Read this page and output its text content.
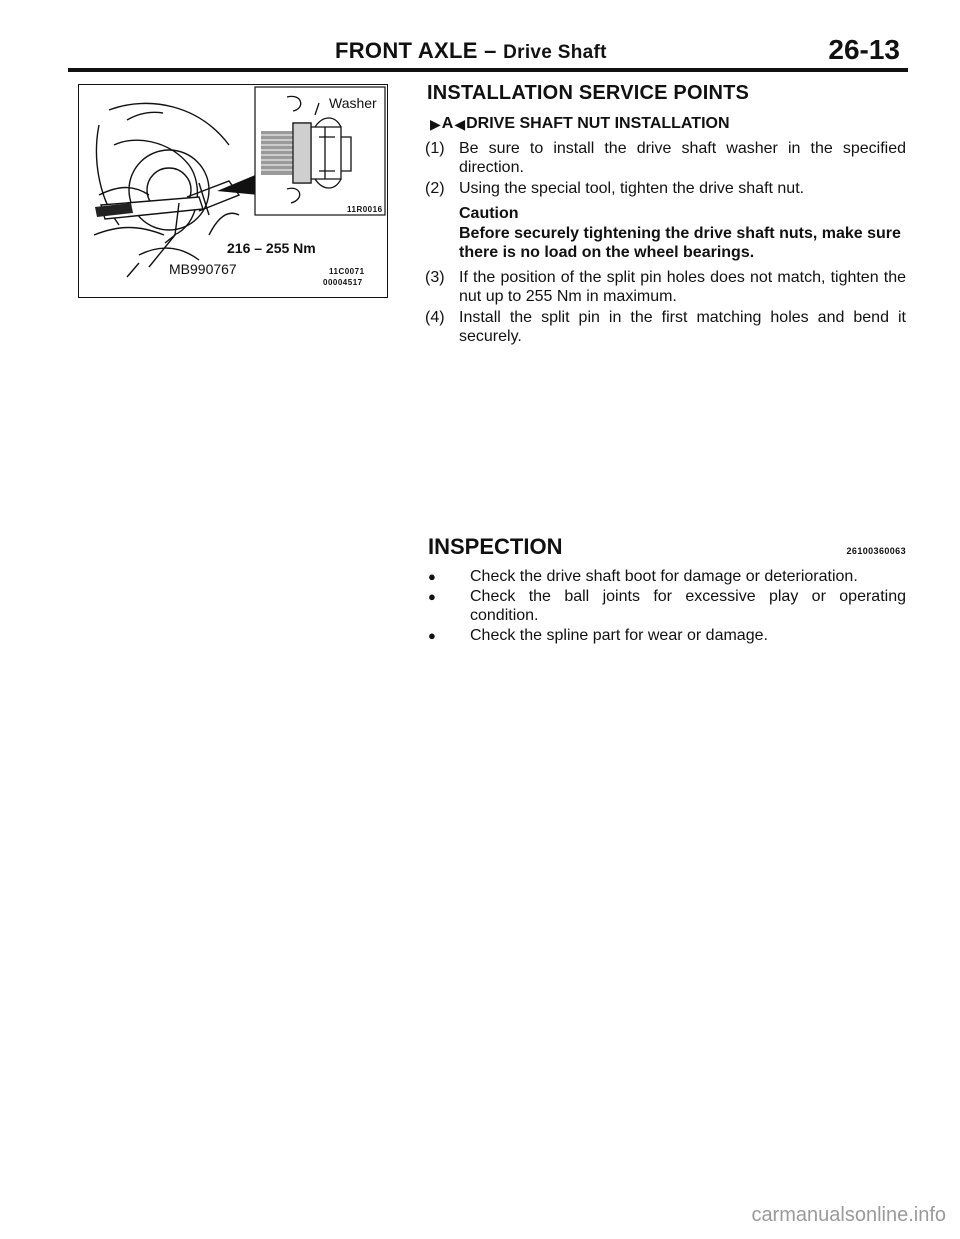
FRONT AXLE – Drive Shaft	26-13
Washer
11R0016
216 – 255 Nm
MB990767	11C0071
00004517
INSTALLATION SERVICE POINTS
▶ A ◀ DRIVE SHAFT NUT INSTALLATION
(1) Be sure to install the drive shaft washer in the specified direction.
(2) Using the special tool, tighten the drive shaft nut.
Caution
Before securely tightening the drive shaft nuts, make sure there is no load on the wheel bearings.
(3) If the position of the split pin holes does not match, tighten the nut up to 255 Nm in maximum.
(4) Install the split pin in the first matching holes and bend it securely.
INSPECTION	26100360063
●	Check the drive shaft boot for damage or deterioration.
●	Check the ball joints for excessive play or operating condition.
●	Check the spline part for wear or damage.
carmanualsonline.info
